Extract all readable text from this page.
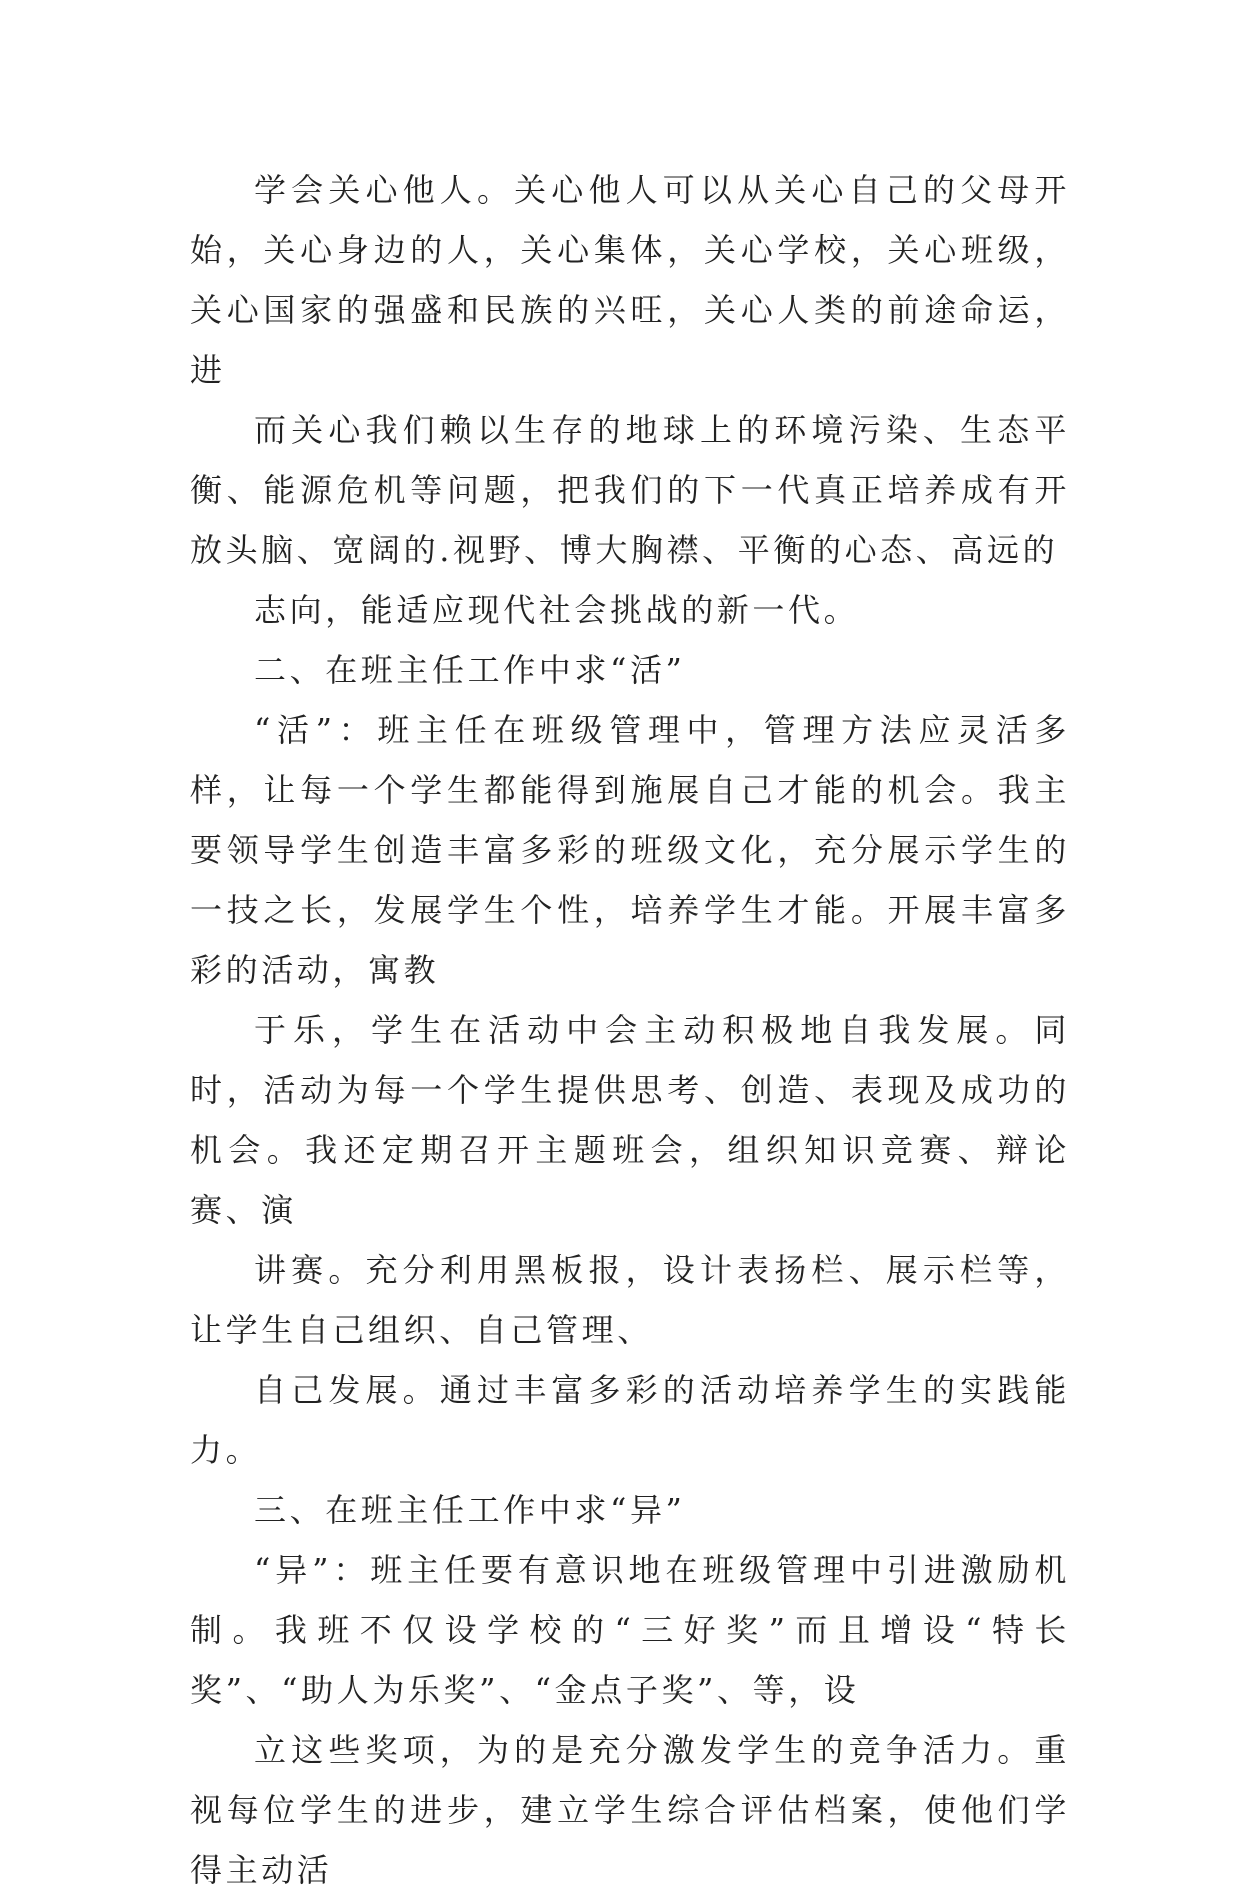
学会关心他人。关心他人可以从关心自己的父母开始，关心身边的人，关心集体，关心学校，关心班级，关心国家的强盛和民族的兴旺，关心人类的前途命运，进

而关心我们赖以生存的地球上的环境污染、生态平衡、能源危机等问题，把我们的下一代真正培养成有开放头脑、宽阔的.视野、博大胸襟、平衡的心态、高远的

志向，能适应现代社会挑战的新一代。

二、在班主任工作中求“活”

“活”：班主任在班级管理中，管理方法应灵活多样，让每一个学生都能得到施展自己才能的机会。我主要领导学生创造丰富多彩的班级文化，充分展示学生的一技之长，发展学生个性，培养学生才能。开展丰富多彩的活动，寓教

于乐，学生在活动中会主动积极地自我发展。同时，活动为每一个学生提供思考、创造、表现及成功的机会。我还定期召开主题班会，组织知识竞赛、辩论赛、演

讲赛。充分利用黑板报，设计表扬栏、展示栏等，让学生自己组织、自己管理、

自己发展。通过丰富多彩的活动培养学生的实践能力。

三、在班主任工作中求“异”

“异”：班主任要有意识地在班级管理中引进激励机制。我班不仅设学校的“三好奖”而且增设“特长奖”、“助人为乐奖”、“金点子奖”、等，设

立这些奖项，为的是充分激发学生的竞争活力。重视每位学生的进步，建立学生综合评估档案，使他们学得主动活
